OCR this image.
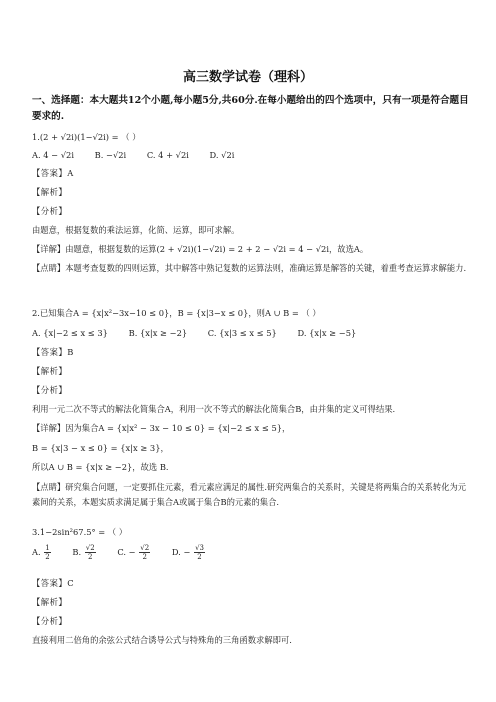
高三数学试卷（理科）
一、选择题：本大题共12个小题,每小题5分,共60分.在每小题给出的四个选项中，只有一项是符合题目要求的.
1.(2 + √2i)(1−√2i) = （ ）
A. 4 − √2i B. −√2i C. 4 + √2i D. √2i
【答案】A
【解析】
【分析】
由题意，根据复数的乘法运算，化简、运算，即可求解。
【详解】由题意，根据复数的运算(2 + √2i)(1−√2i) = 2 + 2 − √2i = 4 − √2i，故选A。
【点睛】本题考查复数的四则运算，其中解答中熟记复数的运算法则，准确运算是解答的关键，着重考查运算求解能力.
2.已知集合A = {x|x²−3x−10 ≤ 0}，B = {x|3−x ≤ 0}，则A ∪ B = （ ）
A. {x|−2 ≤ x ≤ 3} B. {x|x ≥ −2} C. {x|3 ≤ x ≤ 5} D. {x|x ≥ −5}
【答案】B
【解析】
【分析】
利用一元二次不等式的解法化简集合A，利用一次不等式的解法化简集合B，由并集的定义可得结果.
【详解】因为集合A = {x|x² − 3x − 10 ≤ 0} = {x|−2 ≤ x ≤ 5}，
B = {x|3 − x ≤ 0} = {x|x ≥ 3}，
所以A ∪ B = {x|x ≥ −2}，故选 B.
【点睛】研究集合问题，一定要抓住元素，看元素应满足的属性.研究两集合的关系时，关键是将两集合的关系转化为元素间的关系，本题实质求满足属于集合A或属于集合B的元素的集合.
3.1−2sin²67.5° = （ ）
A. $\frac{1}{2}$	B. $\frac{√2}{2}$	C. − $\frac{√2}{2}$	D. − $\frac{√3}{2}$
【答案】C
【解析】
【分析】
直接利用二倍角的余弦公式结合诱导公式与特殊角的三角函数求解即可.
